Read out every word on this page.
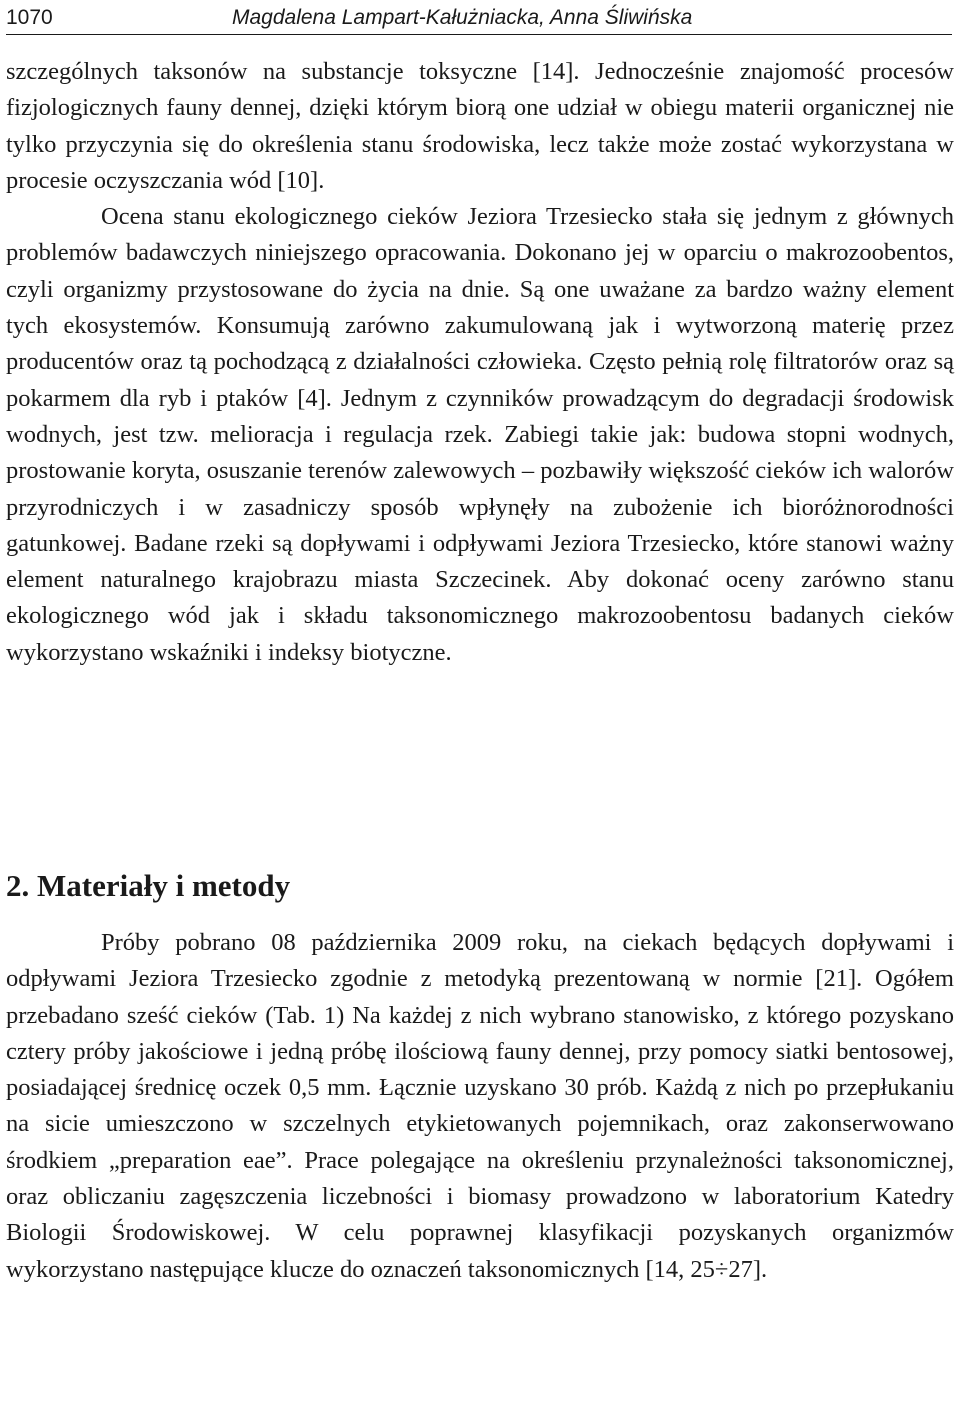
1070	Magdalena Lampart-Kałużniacka, Anna Śliwińska

szczególnych taksonów na substancje toksyczne [14]. Jednocześnie znajomość procesów fizjologicznych fauny dennej, dzięki którym biorą one udział w obiegu materii organicznej nie tylko przyczynia się do określenia stanu środowiska, lecz także może zostać wykorzystana w procesie oczyszczania wód [10].

Ocena stanu ekologicznego cieków Jeziora Trzesiecko stała się jednym z głównych problemów badawczych niniejszego opracowania. Dokonano jej w oparciu o makrozoobentos, czyli organizmy przystosowane do życia na dnie. Są one uważane za bardzo ważny element tych ekosystemów. Konsumują zarówno zakumulowaną jak i wytworzoną materię przez producentów oraz tą pochodzącą z działalności człowieka. Często pełnią rolę filtratorów oraz są pokarmem dla ryb i ptaków [4]. Jednym z czynników prowadzącym do degradacji środowisk wodnych, jest tzw. melioracja i regulacja rzek. Zabiegi takie jak: budowa stopni wodnych, prostowanie koryta, osuszanie terenów zalewowych – pozbawiły większość cieków ich walorów przyrodniczych i w zasadniczy sposób wpłynęły na zubożenie ich bioróżnorodności gatunkowej. Badane rzeki są dopływami i odpływami Jeziora Trzesiecko, które stanowi ważny element naturalnego krajobrazu miasta Szczecinek. Aby dokonać oceny zarówno stanu ekologicznego wód jak i składu taksonomicznego makrozoobentosu badanych cieków wykorzystano wskaźniki i indeksy biotyczne.

2. Materiały i metody

Próby pobrano 08 października 2009 roku, na ciekach będących dopływami i odpływami Jeziora Trzesiecko zgodnie z metodyką prezentowaną w normie [21]. Ogółem przebadano sześć cieków (Tab. 1) Na każdej z nich wybrano stanowisko, z którego pozyskano cztery próby jakościowe i jedną próbę ilościową fauny dennej, przy pomocy siatki bentosowej, posiadającej średnicę oczek 0,5 mm. Łącznie uzyskano 30 prób. Każdą z nich po przepłukaniu na sicie umieszczono w szczelnych etykietowanych pojemnikach, oraz zakonserwowano środkiem „preparation eae”. Prace polegające na określeniu przynależności taksonomicznej, oraz obliczaniu zagęszczenia liczebności i biomasy prowadzono w laboratorium Katedry Biologii Środowiskowej. W celu poprawnej klasyfikacji pozyskanych organizmów wykorzystano następujące klucze do oznaczeń taksonomicznych [14, 25÷27].
